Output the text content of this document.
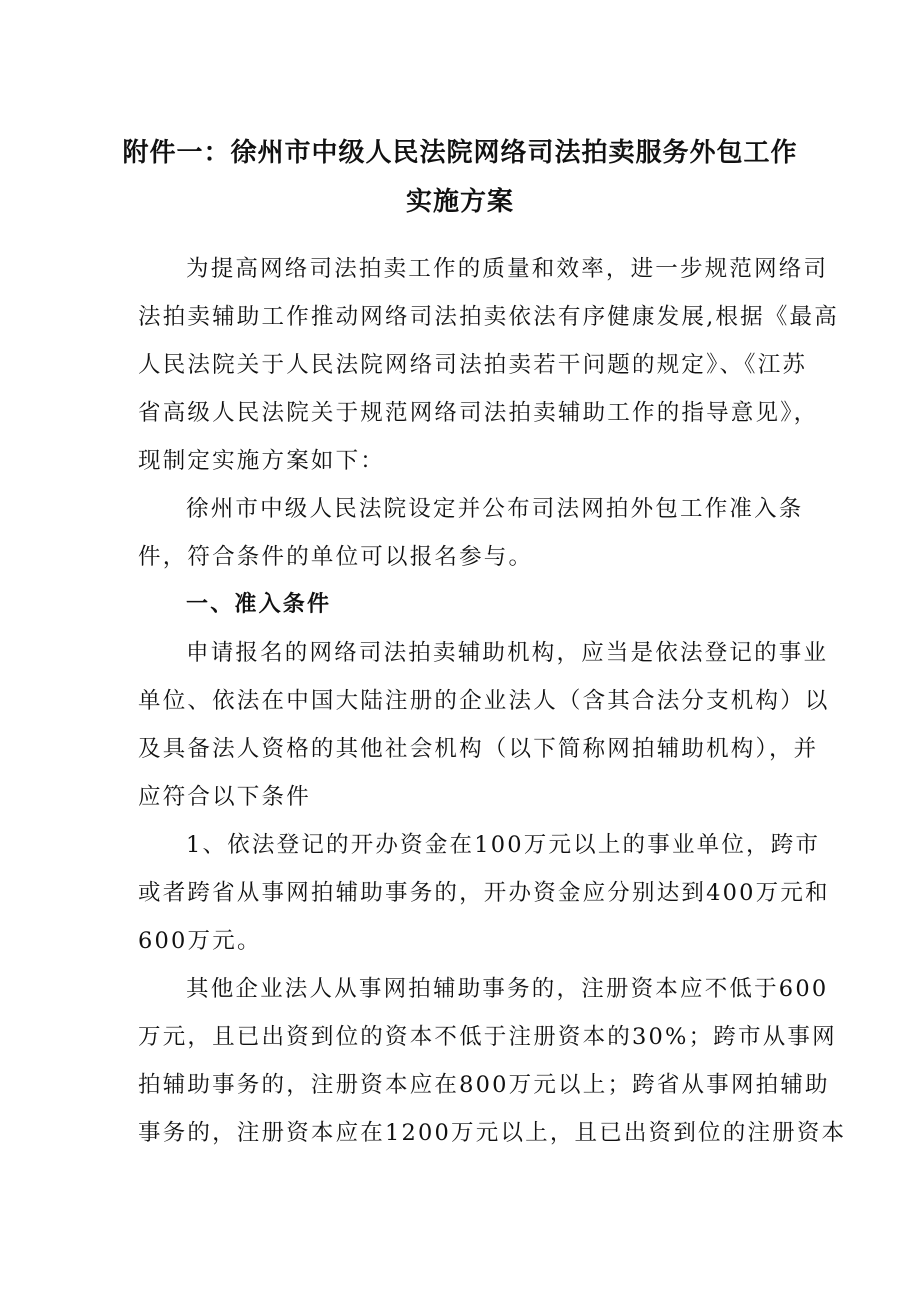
附件一：徐州市中级人民法院网络司法拍卖服务外包工作
实施方案

为提高网络司法拍卖工作的质量和效率，进一步规范网络司
法拍卖辅助工作推动网络司法拍卖依法有序健康发展,根据《最高
人民法院关于人民法院网络司法拍卖若干问题的规定》、《江苏
省高级人民法院关于规范网络司法拍卖辅助工作的指导意见》，
现制定实施方案如下：

徐州市中级人民法院设定并公布司法网拍外包工作准入条
件，符合条件的单位可以报名参与。

一、准入条件

申请报名的网络司法拍卖辅助机构，应当是依法登记的事业
单位、依法在中国大陆注册的企业法人（含其合法分支机构）以
及具备法人资格的其他社会机构（以下简称网拍辅助机构），并
应符合以下条件

1、依法登记的开办资金在100万元以上的事业单位，跨市
或者跨省从事网拍辅助事务的，开办资金应分别达到400万元和
600万元。

其他企业法人从事网拍辅助事务的，注册资本应不低于600
万元，且已出资到位的资本不低于注册资本的30%；跨市从事网
拍辅助事务的，注册资本应在800万元以上；跨省从事网拍辅助
事务的，注册资本应在1200万元以上，且已出资到位的注册资本
